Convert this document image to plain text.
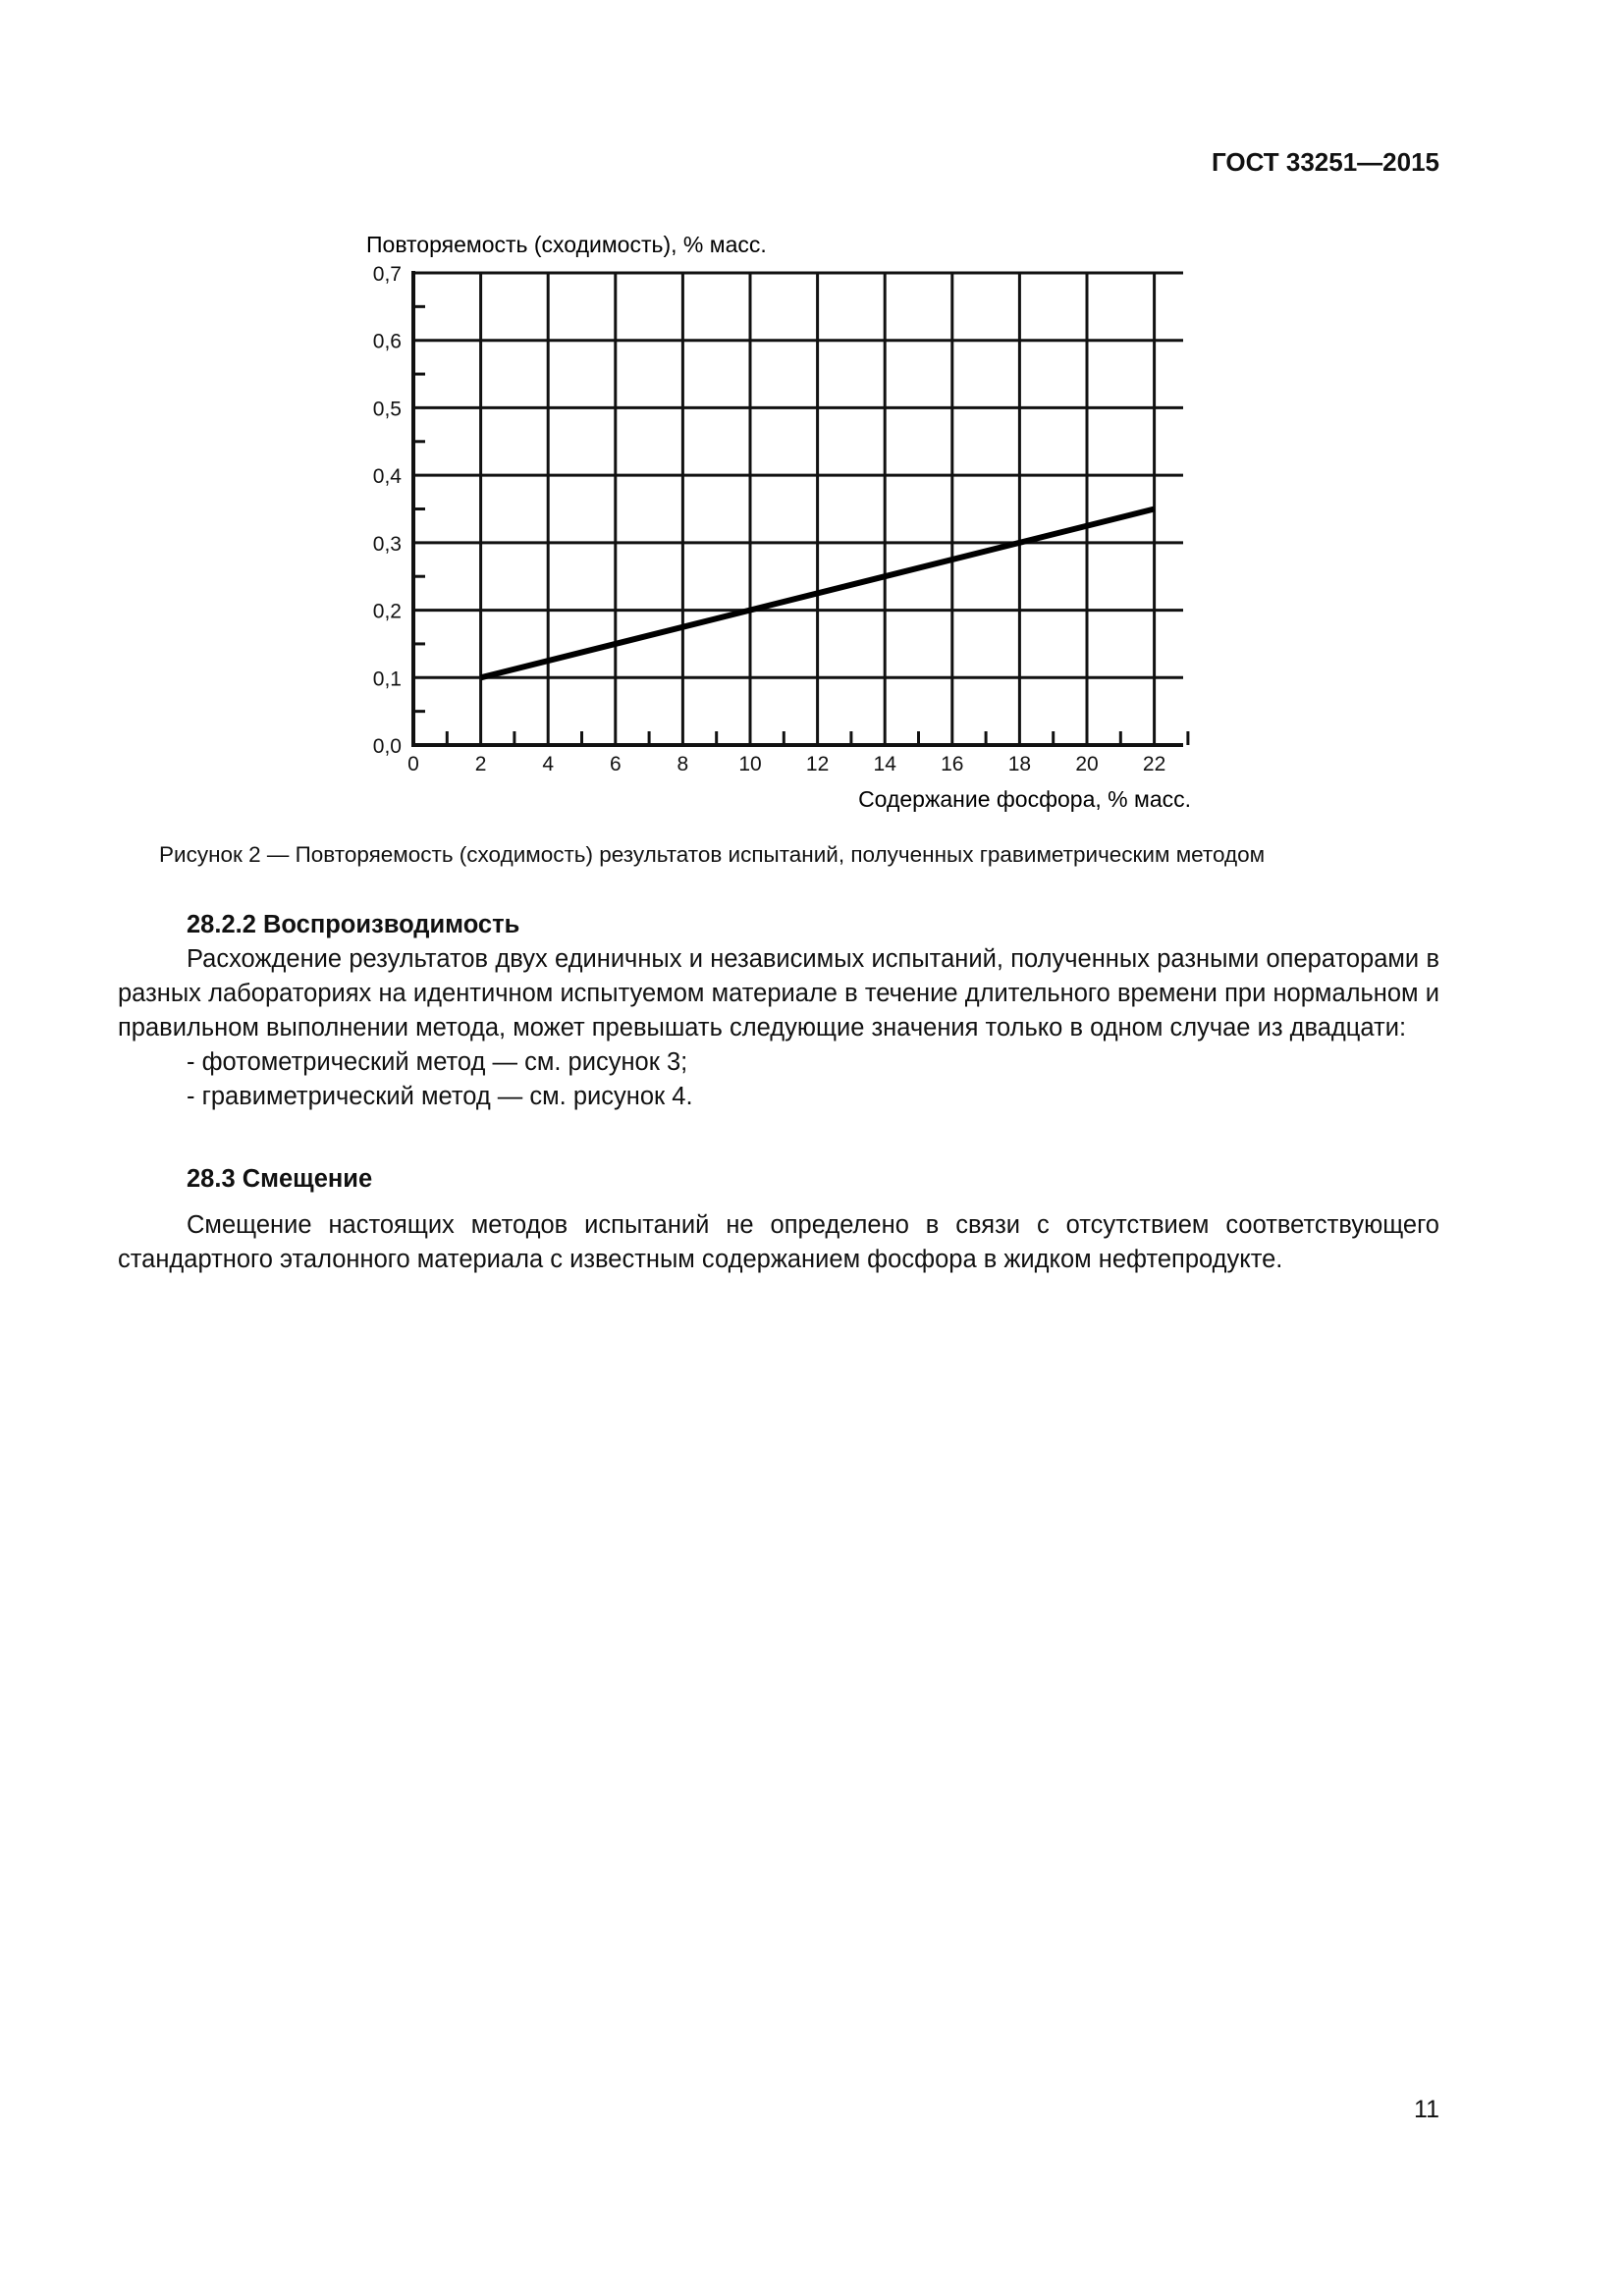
ГОСТ 33251—2015
0,0
0,1
0,2
0,3
0,4
0,5
0,6
0,7
0	2	4	6	8 10 12 14 16 18 20 22
Повторяемость (сходимость), % масс.
Содержание фосфора, % масс.
Рисунок 2 — Повторяемость (сходимость) результатов испытаний, полученных гравиметрическим методом
28.2.2 Воспроизводимость

Расхождение результатов двух единичных и независимых испытаний, полученных разными операторами в разных лабораториях на идентичном испытуемом материале в течение длительного времени при нормальном и правильном выполнении метода, может превышать следующие значения только в одном случае из двадцати:

- фотометрический метод — см. рисунок 3;
- гравиметрический метод — см. рисунок 4.
28.3 Смещение

Смещение настоящих методов испытаний не определено в связи с отсутствием соответствующего стандартного эталонного материала с известным содержанием фосфора в жидком нефтепродукте.

11
